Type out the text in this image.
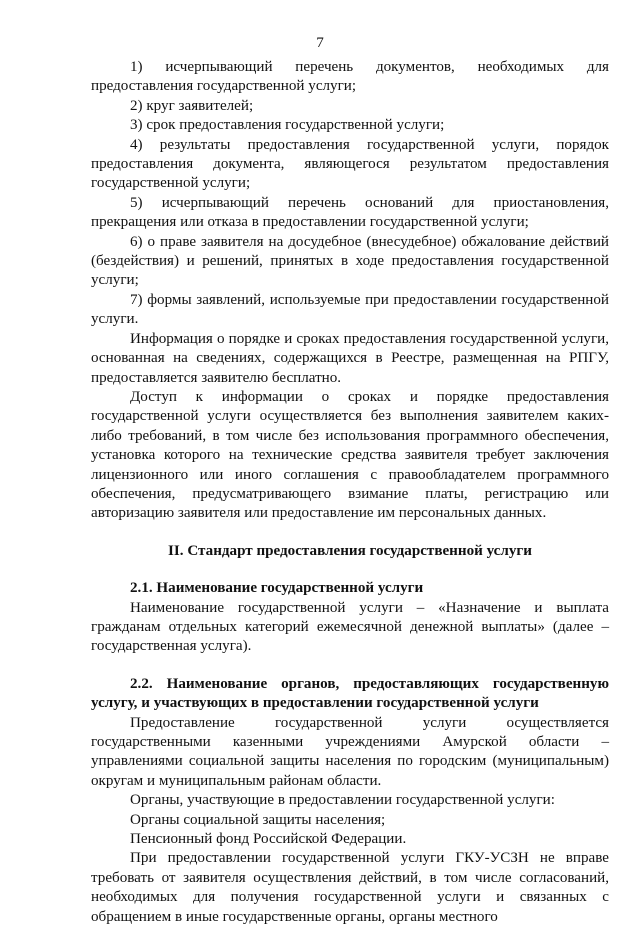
7

1) исчерпывающий перечень документов, необходимых для предоставления государственной услуги;

2) круг заявителей;

3) срок предоставления государственной услуги;

4) результаты предоставления государственной услуги, порядок предоставления документа, являющегося результатом предоставления государственной услуги;

5) исчерпывающий перечень оснований для приостановления, прекращения или отказа в предоставлении государственной услуги;

6) о праве заявителя на досудебное (внесудебное) обжалование действий (бездействия) и решений, принятых в ходе предоставления государственной услуги;

7) формы заявлений, используемые при предоставлении государственной услуги.

Информация о порядке и сроках предоставления государственной услуги, основанная на сведениях, содержащихся в Реестре, размещенная на РПГУ, предоставляется заявителю бесплатно.

Доступ к информации о сроках и порядке предоставления государственной услуги осуществляется без выполнения заявителем каких-либо требований, в том числе без использования программного обеспечения, установка которого на технические средства заявителя требует заключения лицензионного или иного соглашения с правообладателем программного обеспечения, предусматривающего взимание платы, регистрацию или авторизацию заявителя или предоставление им персональных данных.

II. Стандарт предоставления государственной услуги
2.1. Наименование государственной услуги

Наименование государственной услуги – «Назначение и выплата гражданам отдельных категорий ежемесячной денежной выплаты» (далее – государственная услуга).

2.2. Наименование органов, предоставляющих государственную услугу, и участвующих в предоставлении государственной услуги

Предоставление государственной услуги осуществляется государственными казенными учреждениями Амурской области – управлениями социальной защиты населения по городским (муниципальным) округам и муниципальным районам области.

Органы, участвующие в предоставлении государственной услуги:

Органы социальной защиты населения;

Пенсионный фонд Российской Федерации.

При предоставлении государственной услуги ГКУ-УСЗН не вправе требовать от заявителя осуществления действий, в том числе согласований, необходимых для получения государственной услуги и связанных с обращением в иные государственные органы, органы местного
